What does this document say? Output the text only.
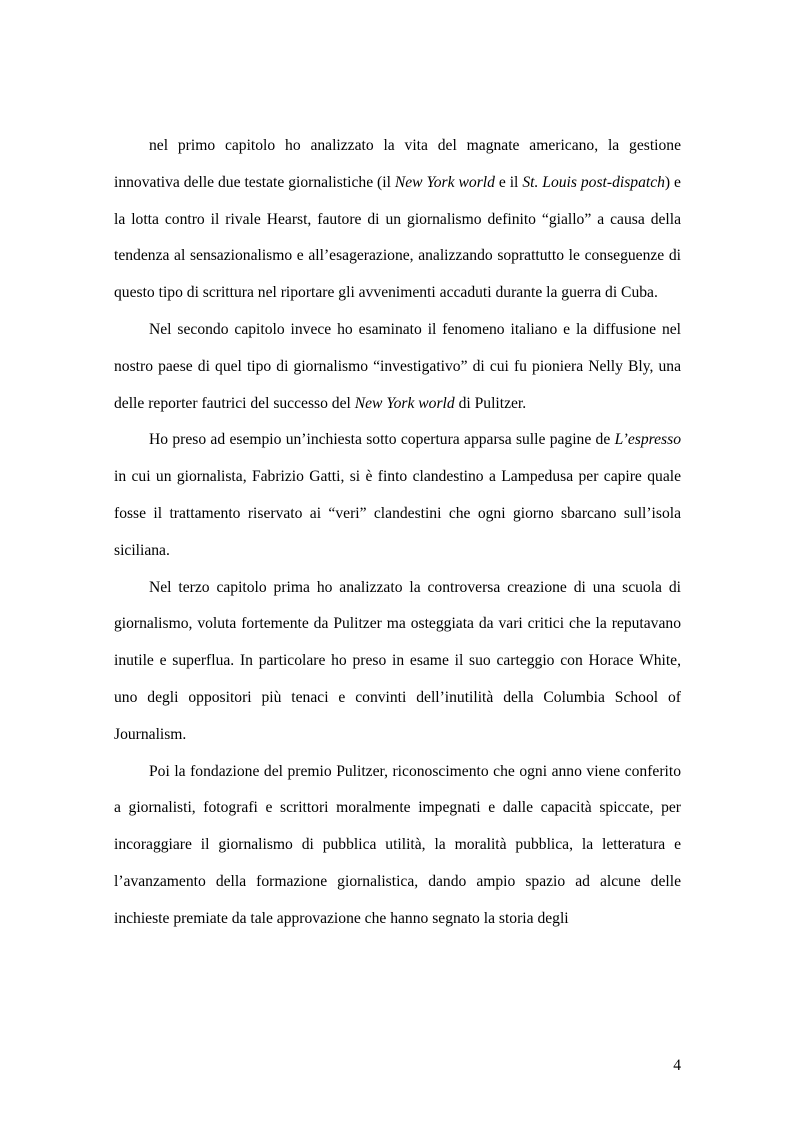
nel primo capitolo ho analizzato la vita del magnate americano, la gestione innovativa delle due testate giornalistiche (il New York world e il St. Louis post-dispatch) e la lotta contro il rivale Hearst, fautore di un giornalismo definito “giallo” a causa della tendenza al sensazionalismo e all’esagerazione, analizzando soprattutto le conseguenze di questo tipo di scrittura nel riportare gli avvenimenti accaduti durante la guerra di Cuba.

Nel secondo capitolo invece ho esaminato il fenomeno italiano e la diffusione nel nostro paese di quel tipo di giornalismo “investigativo” di cui fu pioniera Nelly Bly, una delle reporter fautrici del successo del New York world di Pulitzer.

Ho preso ad esempio un’inchiesta sotto copertura apparsa sulle pagine de L’espresso in cui un giornalista, Fabrizio Gatti, si è finto clandestino a Lampedusa per capire quale fosse il trattamento riservato ai “veri” clandestini che ogni giorno sbarcano sull’isola siciliana.

Nel terzo capitolo prima ho analizzato la controversa creazione di una scuola di giornalismo, voluta fortemente da Pulitzer ma osteggiata da vari critici che la reputavano inutile e superflua. In particolare ho preso in esame il suo carteggio con Horace White, uno degli oppositori più tenaci e convinti dell’inutilità della Columbia School of Journalism.

Poi la fondazione del premio Pulitzer, riconoscimento che ogni anno viene conferito a giornalisti, fotografi e scrittori moralmente impegnati e dalle capacità spiccate, per incoraggiare il giornalismo di pubblica utilità, la moralità pubblica, la letteratura e l’avanzamento della formazione giornalistica, dando ampio spazio ad alcune delle inchieste premiate da tale approvazione che hanno segnato la storia degli

4
